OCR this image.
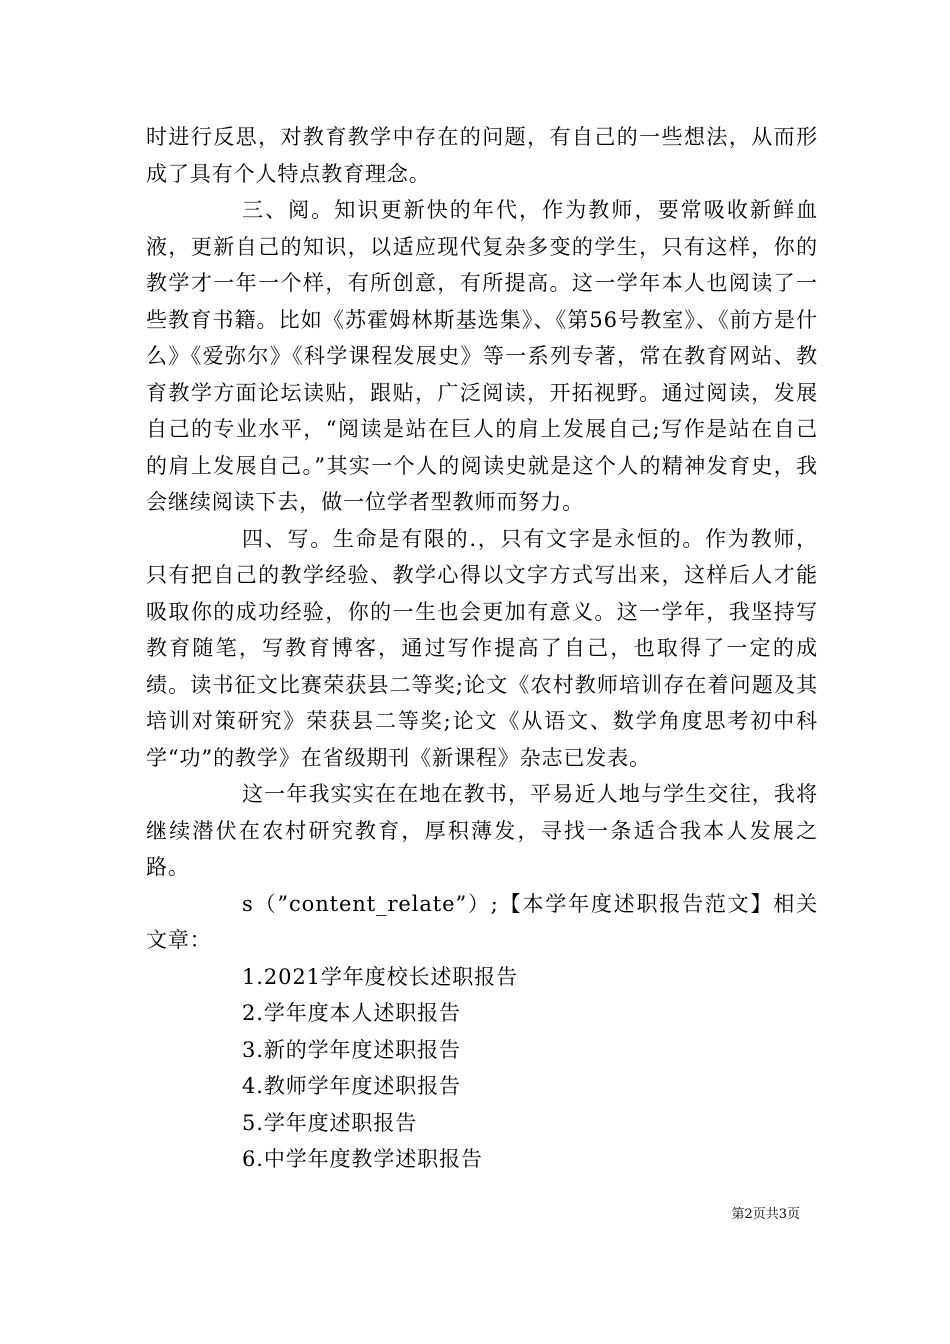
时进行反思，对教育教学中存在的问题，有自己的一些想法，从而形成了具有个人特点教育理念。

三、阅。知识更新快的年代，作为教师，要常吸收新鲜血液，更新自己的知识，以适应现代复杂多变的学生，只有这样，你的教学才一年一个样，有所创意，有所提高。这一学年本人也阅读了一些教育书籍。比如《苏霍姆林斯基选集》、《第56号教室》、《前方是什么》《爱弥尔》《科学课程发展史》等一系列专著，常在教育网站、教育教学方面论坛读贴，跟贴，广泛阅读，开拓视野。通过阅读，发展自己的专业水平，“阅读是站在巨人的肩上发展自己;写作是站在自己的肩上发展自己。”其实一个人的阅读史就是这个人的精神发育史，我会继续阅读下去，做一位学者型教师而努力。

四、写。生命是有限的.，只有文字是永恒的。作为教师，只有把自己的教学经验、教学心得以文字方式写出来，这样后人才能吸取你的成功经验，你的一生也会更加有意义。这一学年，我坚持写教育随笔，写教育博客，通过写作提高了自己，也取得了一定的成绩。读书征文比赛荣获县二等奖;论文《农村教师培训存在着问题及其培训对策研究》荣获县二等奖;论文《从语文、数学角度思考初中科学“功”的教学》在省级期刊《新课程》杂志已发表。

这一年我实实在在地在教书，平易近人地与学生交往，我将继续潜伏在农村研究教育，厚积薄发，寻找一条适合我本人发展之路。

s（”content_relate”）;【本学年度述职报告范文】相关文章：

1.2021学年度校长述职报告
2.学年度本人述职报告
3.新的学年度述职报告
4.教师学年度述职报告
5.学年度述职报告
6.中学年度教学述职报告
第2页共3页
